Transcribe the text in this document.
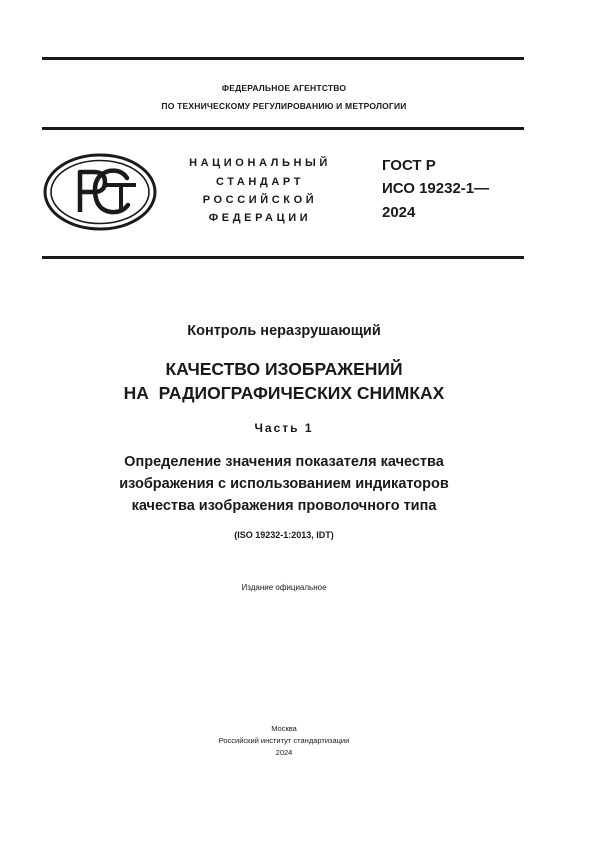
ФЕДЕРАЛЬНОЕ АГЕНТСТВО
ПО ТЕХНИЧЕСКОМУ РЕГУЛИРОВАНИЮ И МЕТРОЛОГИИ
НАЦИОНАЛЬНЫЙ
СТАНДАРТ
РОССИЙСКОЙ
ФЕДЕРАЦИИ
ГОСТ Р
ИСО 19232-1—
2024
Контроль неразрушающий
КАЧЕСТВО ИЗОБРАЖЕНИЙ
НА  РАДИОГРАФИЧЕСКИХ СНИМКАХ
Часть 1
Определение значения показателя качества
изображения с использованием индикаторов
качества изображения проволочного типа
(ISO 19232-1:2013, IDT)
Издание официальное
Москва
Российский институт стандартизации
2024
